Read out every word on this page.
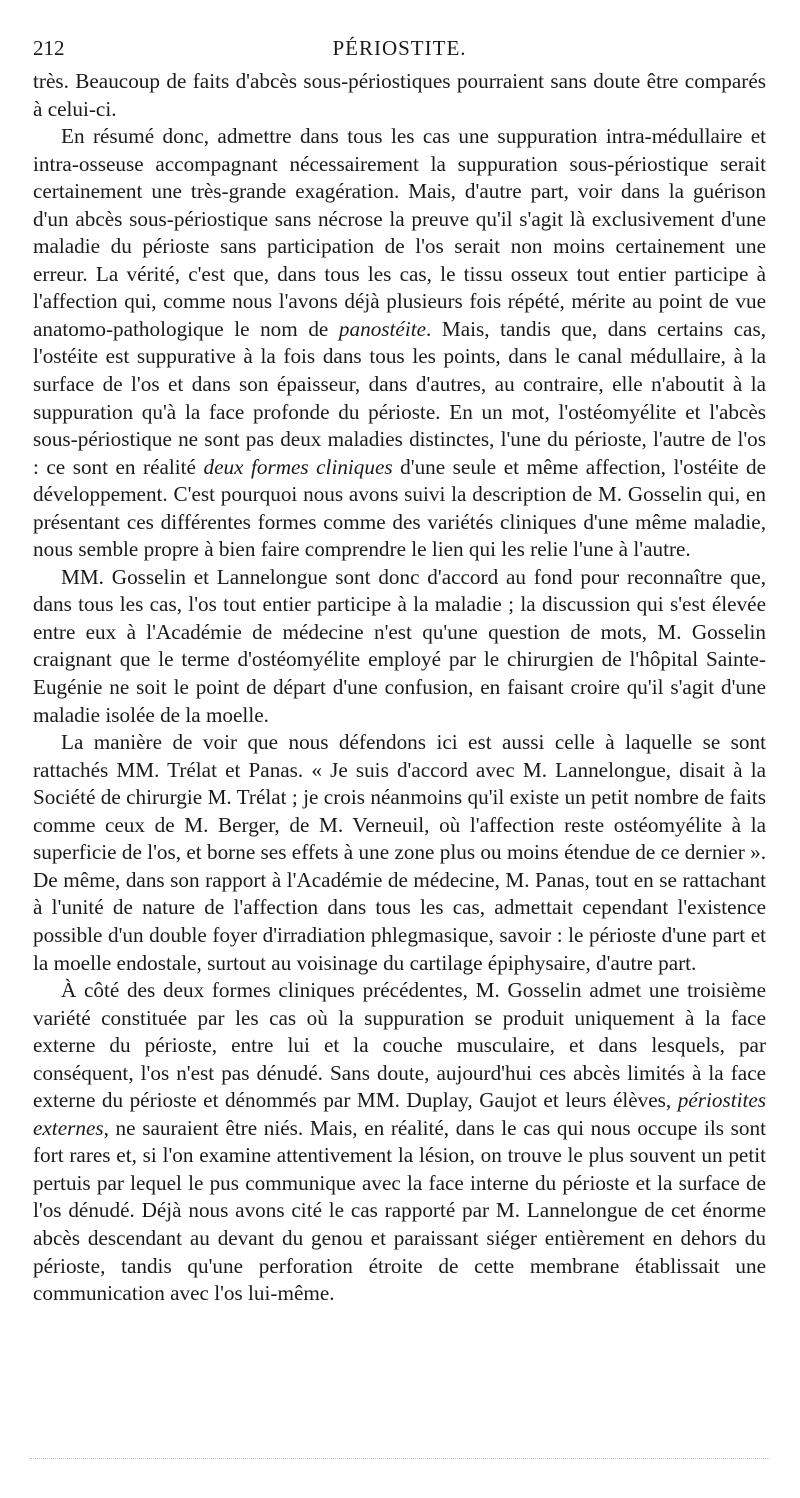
212	PÉRIOSTITE.

très. Beaucoup de faits d'abcès sous-périostiques pourraient sans doute être comparés à celui-ci.

En résumé donc, admettre dans tous les cas une suppuration intra-médullaire et intra-osseuse accompagnant nécessairement la suppuration sous-périostique serait certainement une très-grande exagération. Mais, d'autre part, voir dans la guérison d'un abcès sous-périostique sans nécrose la preuve qu'il s'agit là exclusivement d'une maladie du périoste sans participation de l'os serait non moins certainement une erreur. La vérité, c'est que, dans tous les cas, le tissu osseux tout entier participe à l'affection qui, comme nous l'avons déjà plusieurs fois répété, mérite au point de vue anatomo-pathologique le nom de panostéite. Mais, tandis que, dans certains cas, l'ostéite est suppurative à la fois dans tous les points, dans le canal médullaire, à la surface de l'os et dans son épaisseur, dans d'autres, au contraire, elle n'aboutit à la suppuration qu'à la face profonde du périoste. En un mot, l'ostéomyélite et l'abcès sous-périostique ne sont pas deux maladies distinctes, l'une du périoste, l'autre de l'os : ce sont en réalité deux formes cliniques d'une seule et même affection, l'ostéite de développement. C'est pourquoi nous avons suivi la description de M. Gosselin qui, en présentant ces différentes formes comme des variétés cliniques d'une même maladie, nous semble propre à bien faire comprendre le lien qui les relie l'une à l'autre.

MM. Gosselin et Lannelongue sont donc d'accord au fond pour reconnaître que, dans tous les cas, l'os tout entier participe à la maladie ; la discussion qui s'est élevée entre eux à l'Académie de médecine n'est qu'une question de mots, M. Gosselin craignant que le terme d'ostéomyélite employé par le chirurgien de l'hôpital Sainte-Eugénie ne soit le point de départ d'une confusion, en faisant croire qu'il s'agit d'une maladie isolée de la moelle.

La manière de voir que nous défendons ici est aussi celle à laquelle se sont rattachés MM. Trélat et Panas. « Je suis d'accord avec M. Lannelongue, disait à la Société de chirurgie M. Trélat ; je crois néanmoins qu'il existe un petit nombre de faits comme ceux de M. Berger, de M. Verneuil, où l'affection reste ostéomyélite à la superficie de l'os, et borne ses effets à une zone plus ou moins étendue de ce dernier ». De même, dans son rapport à l'Académie de médecine, M. Panas, tout en se rattachant à l'unité de nature de l'affection dans tous les cas, admettait cependant l'existence possible d'un double foyer d'irradiation phlegmasique, savoir : le périoste d'une part et la moelle endostale, surtout au voisinage du cartilage épiphysaire, d'autre part.

À côté des deux formes cliniques précédentes, M. Gosselin admet une troisième variété constituée par les cas où la suppuration se produit uniquement à la face externe du périoste, entre lui et la couche musculaire, et dans lesquels, par conséquent, l'os n'est pas dénudé. Sans doute, aujourd'hui ces abcès limités à la face externe du périoste et dénommés par MM. Duplay, Gaujot et leurs élèves, périostites externes, ne sauraient être niés. Mais, en réalité, dans le cas qui nous occupe ils sont fort rares et, si l'on examine attentivement la lésion, on trouve le plus souvent un petit pertuis par lequel le pus communique avec la face interne du périoste et la surface de l'os dénudé. Déjà nous avons cité le cas rapporté par M. Lannelongue de cet énorme abcès descendant au devant du genou et paraissant siéger entièrement en dehors du périoste, tandis qu'une perforation étroite de cette membrane établissait une communication avec l'os lui-même.
